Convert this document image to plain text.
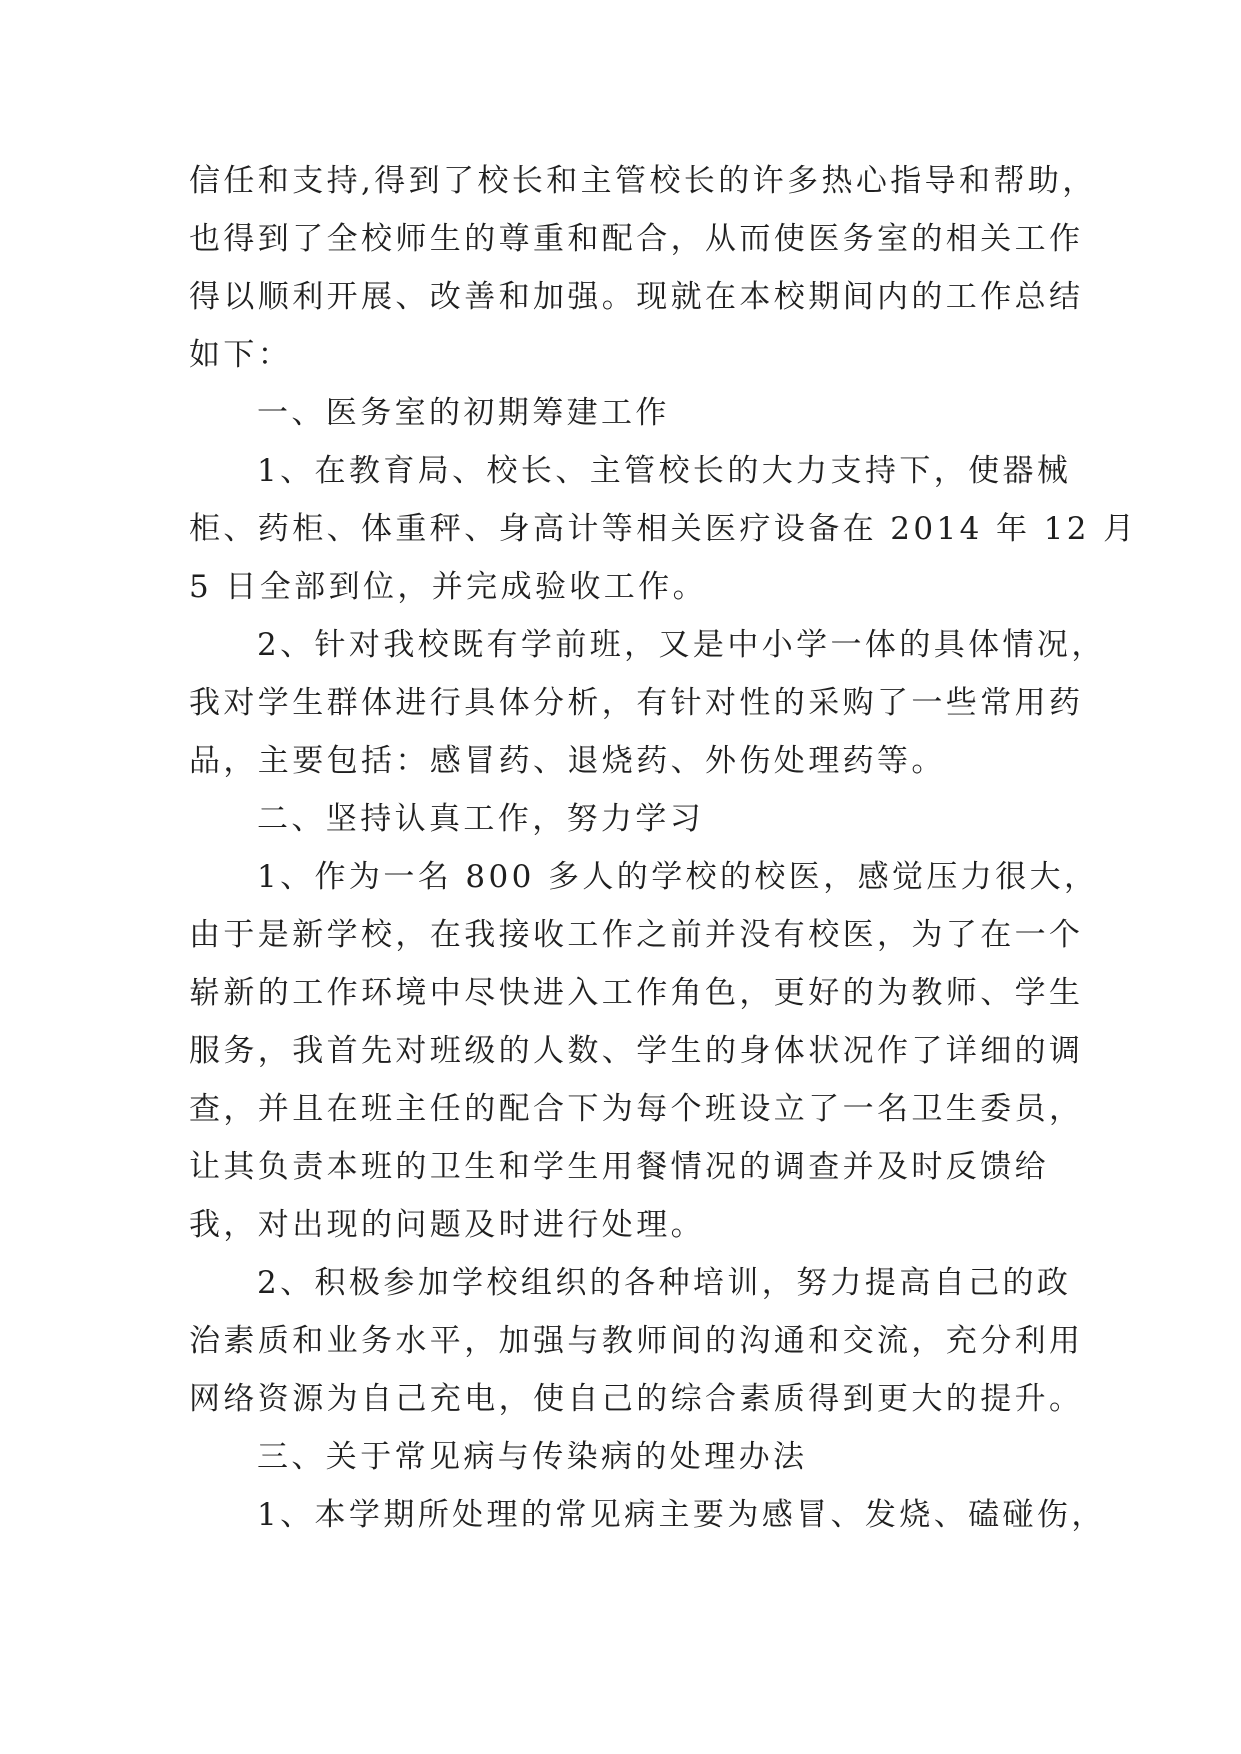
信任和支持,得到了校长和主管校长的许多热心指导和帮助，

也得到了全校师生的尊重和配合，从而使医务室的相关工作

得以顺利开展、改善和加强。现就在本校期间内的工作总结

如下：

一、医务室的初期筹建工作

1、在教育局、校长、主管校长的大力支持下，使器械

柜、药柜、体重秤、身高计等相关医疗设备在 2014 年 12 月

5 日全部到位，并完成验收工作。

2、针对我校既有学前班，又是中小学一体的具体情况，

我对学生群体进行具体分析，有针对性的采购了一些常用药

品，主要包括：感冒药、退烧药、外伤处理药等。

二、坚持认真工作，努力学习

1、作为一名 800 多人的学校的校医，感觉压力很大，

由于是新学校，在我接收工作之前并没有校医，为了在一个

崭新的工作环境中尽快进入工作角色，更好的为教师、学生

服务，我首先对班级的人数、学生的身体状况作了详细的调

查，并且在班主任的配合下为每个班设立了一名卫生委员，

让其负责本班的卫生和学生用餐情况的调查并及时反馈给

我，对出现的问题及时进行处理。

2、积极参加学校组织的各种培训，努力提高自己的政

治素质和业务水平，加强与教师间的沟通和交流，充分利用

网络资源为自己充电，使自己的综合素质得到更大的提升。

三、关于常见病与传染病的处理办法

1、本学期所处理的常见病主要为感冒、发烧、磕碰伤，
